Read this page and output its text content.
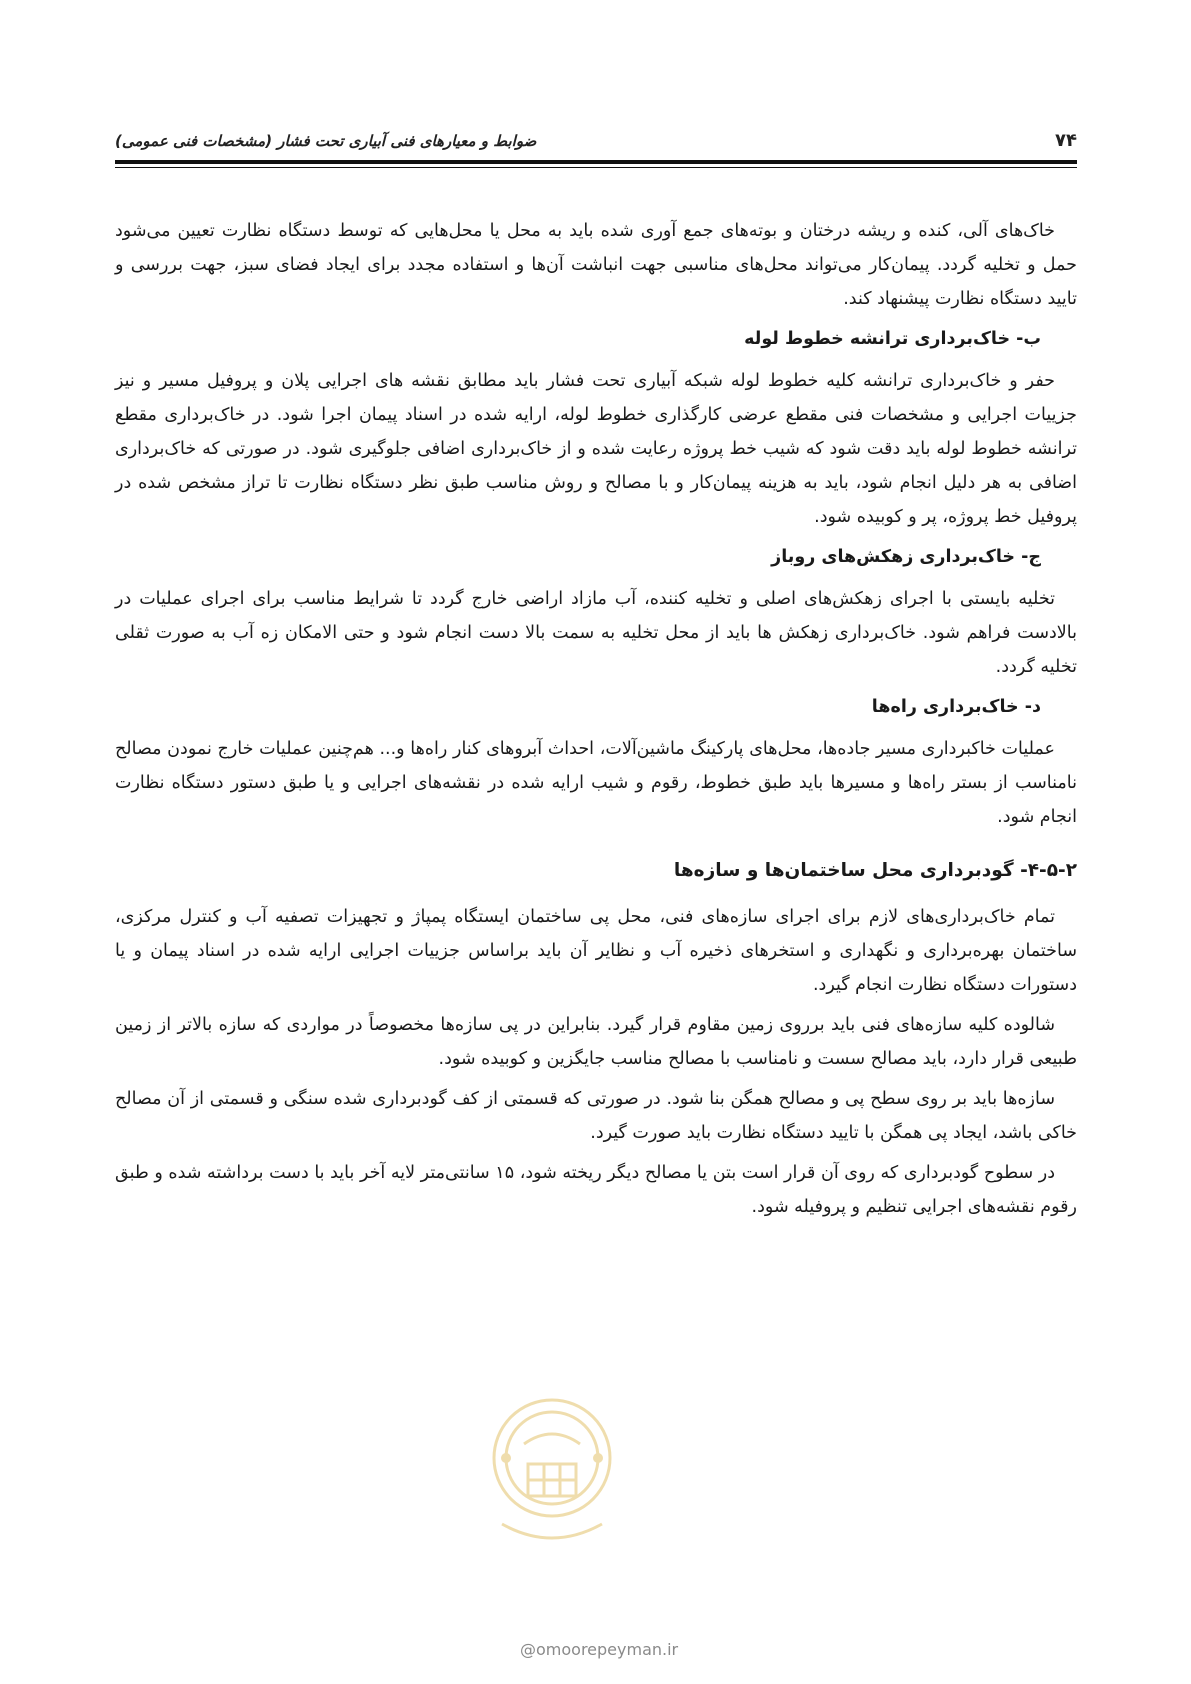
۷۴
ضوابط و معیارهای فنی آبیاری تحت فشار (مشخصات فنی عمومی)

خاک‌های آلی، کنده و ریشه درختان و بوته‌های جمع آوری شده باید به محل یا محل‌هایی که توسط دستگاه نظارت تعیین می‌شود حمل و تخلیه گردد. پیمان‌کار می‌تواند محل‌های مناسبی جهت انباشت آن‌ها و استفاده مجدد برای ایجاد فضای سبز، جهت بررسی و تایید دستگاه نظارت پیشنهاد کند.

ب- خاک‌برداری ترانشه خطوط لوله

حفر و خاک‌برداری ترانشه کلیه خطوط لوله شبکه آبیاری تحت فشار باید مطابق نقشه های اجرایی پلان و پروفیل مسیر و نیز جزییات اجرایی و مشخصات فنی مقطع عرضی کارگذاری خطوط لوله، ارایه شده در اسناد پیمان اجرا شود. در خاک‌برداری مقطع ترانشه خطوط لوله باید دقت شود که شیب خط پروژه رعایت شده و از خاک‌برداری اضافی جلوگیری شود. در صورتی که خاک‌برداری اضافی به هر دلیل انجام شود، باید به هزینه پیمان‌کار و با مصالح و روش مناسب طبق نظر دستگاه نظارت تا تراز مشخص شده در پروفیل خط پروژه، پر و کوبیده شود.

ج- خاک‌برداری زهکش‌های روباز

تخلیه بایستی با اجرای زهکش‌های اصلی و تخلیه کننده، آب مازاد اراضی خارج گردد تا شرایط مناسب برای اجرای عملیات در بالادست فراهم شود. خاک‌برداری زهکش ها باید از محل تخلیه به سمت بالا دست انجام شود و حتی الامکان زه آب به صورت ثقلی تخلیه گردد.

د- خاک‌برداری راه‌ها

عملیات خاکبرداری مسیر جاده‌ها، محل‌های پارکینگ ماشین‌آلات، احداث آبروهای کنار راه‌ها و... هم‌چنین عملیات خارج نمودن مصالح نامناسب از بستر راه‌ها و مسیرها باید طبق خطوط، رقوم و شیب ارایه شده در نقشه‌های اجرایی و یا طبق دستور دستگاه نظارت انجام شود.

۴-۵-۲- گودبرداری محل ساختمان‌ها و سازه‌ها

تمام خاک‌برداری‌های لازم برای اجرای سازه‌های فنی، محل پی ساختمان ایستگاه پمپاژ و تجهیزات تصفیه آب و کنترل مرکزی، ساختمان بهره‌برداری و نگهداری و استخرهای ذخیره آب و نظایر آن باید براساس جزییات اجرایی ارایه شده در اسناد پیمان و یا دستورات دستگاه نظارت انجام گیرد.

شالوده کلیه سازه‌های فنی باید برروی زمین مقاوم قرار گیرد. بنابراین در پی سازه‌ها مخصوصاً در مواردی که سازه بالاتر از زمین طبیعی قرار دارد، باید مصالح سست و نامناسب با مصالح مناسب جایگزین و کوبیده شود.

سازه‌ها باید بر روی سطح پی و مصالح همگن بنا شود. در صورتی که قسمتی از کف گودبرداری شده سنگی و قسمتی از آن مصالح خاکی باشد، ایجاد پی همگن با تایید دستگاه نظارت باید صورت گیرد.

در سطوح گودبرداری که روی آن قرار است بتن یا مصالح دیگر ریخته شود، ۱۵ سانتی‌متر لایه آخر باید با دست برداشته شده و طبق رقوم نقشه‌های اجرایی تنظیم و پروفیله شود.

@omoorepeyman.ir
